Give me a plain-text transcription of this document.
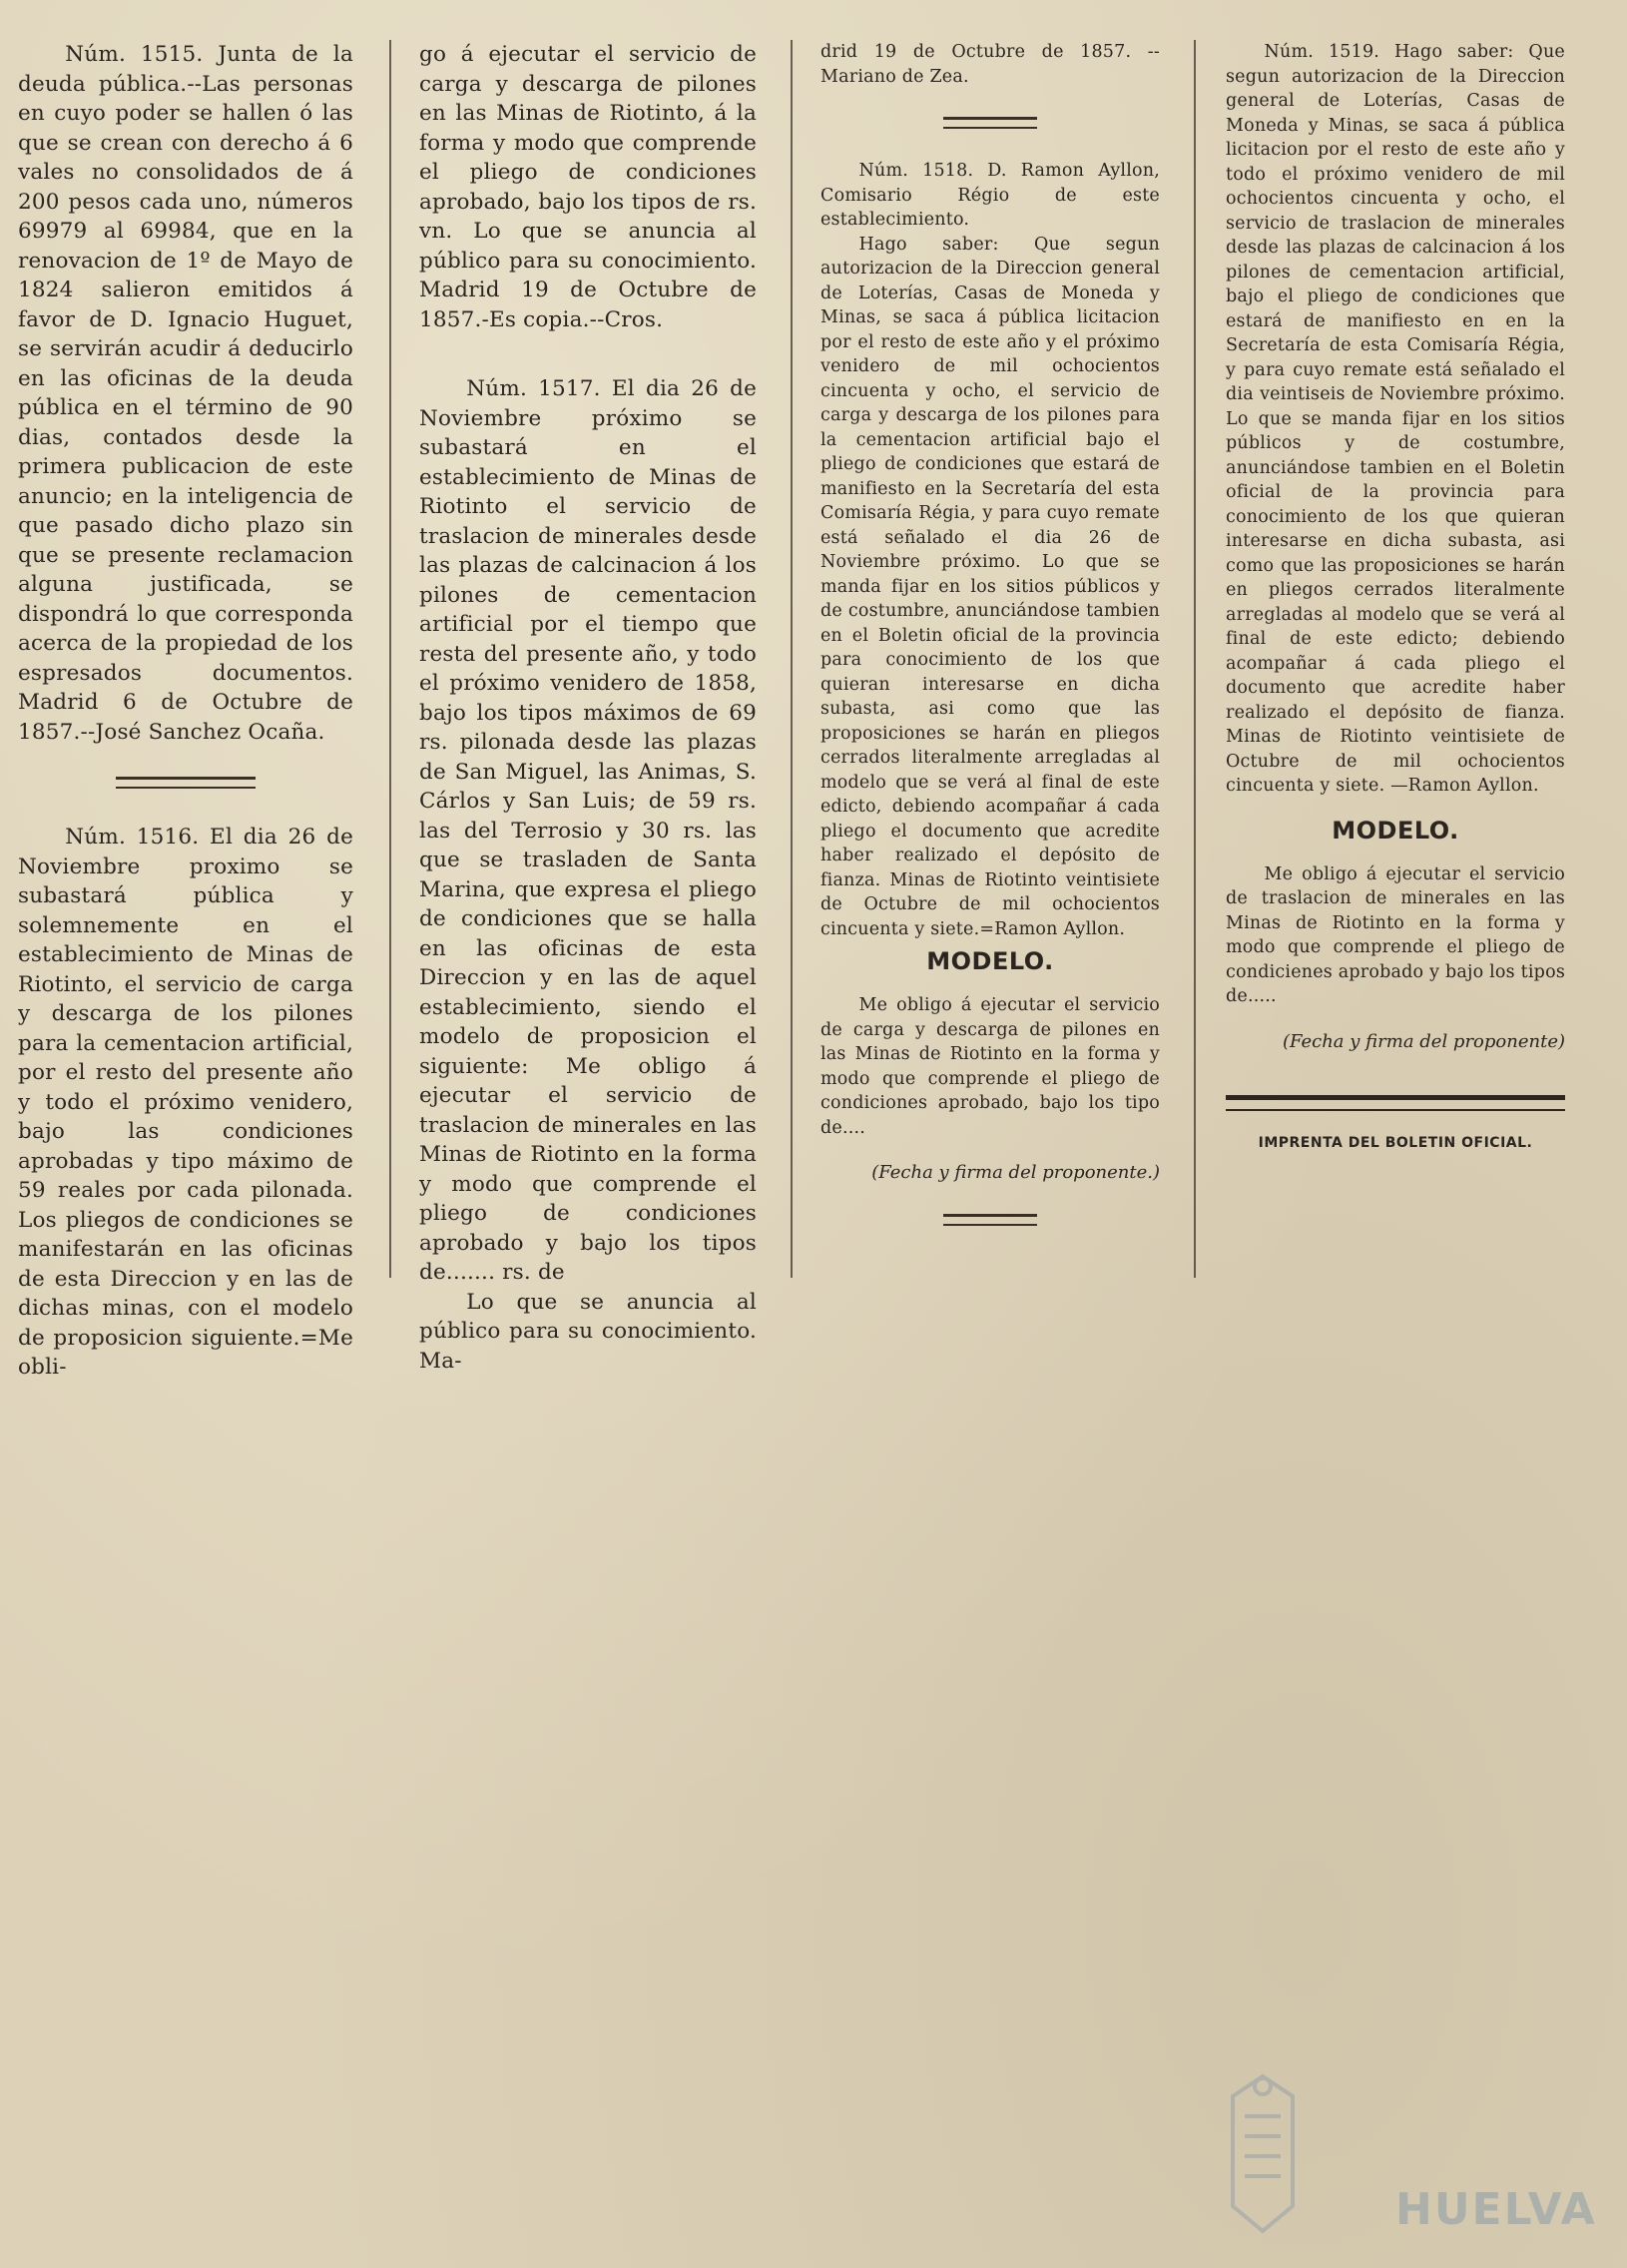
Núm. 1515. Junta de la deuda pública.--Las personas en cuyo poder se hallen ó las que se crean con derecho á 6 vales no consolidados de á 200 pesos cada uno, números 69979 al 69984, que en la renovacion de 1º de Mayo de 1824 salieron emitidos á favor de D. Ignacio Huguet, se servirán acudir á deducirlo en las oficinas de la deuda pública en el término de 90 dias, contados desde la primera publicacion de este anuncio; en la inteligencia de que pasado dicho plazo sin que se presente reclamacion alguna justificada, se dispondrá lo que corresponda acerca de la propiedad de los espresados documentos. Madrid 6 de Octubre de 1857.--José Sanchez Ocaña.

Núm. 1516. El dia 26 de Noviembre proximo se subastará pública y solemnemente en el establecimiento de Minas de Riotinto, el servicio de carga y descarga de los pilones para la cementacion artificial, por el resto del presente año y todo el próximo venidero, bajo las condiciones aprobadas y tipo máximo de 59 reales por cada pilonada. Los pliegos de condiciones se manifestarán en las oficinas de esta Direccion y en las de dichas minas, con el modelo de proposicion siguiente.=Me obli-

go á ejecutar el servicio de carga y descarga de pilones en las Minas de Riotinto, á la forma y modo que comprende el pliego de condiciones aprobado, bajo los tipos de rs. vn. Lo que se anuncia al público para su conocimiento. Madrid 19 de Octubre de 1857.-Es copia.--Cros.

Núm. 1517. El dia 26 de Noviembre próximo se subastará en el establecimiento de Minas de Riotinto el servicio de traslacion de minerales desde las plazas de calcinacion á los pilones de cementacion artificial por el tiempo que resta del presente año, y todo el próximo venidero de 1858, bajo los tipos máximos de 69 rs. pilonada desde las plazas de San Miguel, las Animas, S. Cárlos y San Luis; de 59 rs. las del Terrosio y 30 rs. las que se trasladen de Santa Marina, que expresa el pliego de condiciones que se halla en las oficinas de esta Direccion y en las de aquel establecimiento, siendo el modelo de proposicion el siguiente: Me obligo á ejecutar el servicio de traslacion de minerales en las Minas de Riotinto en la forma y modo que comprende el pliego de condiciones aprobado y bajo los tipos de....... rs. de

Lo que se anuncia al público para su conocimiento. Ma-

drid 19 de Octubre de 1857. --Mariano de Zea.

Núm. 1518. D. Ramon Ayllon, Comisario Régio de este establecimiento.

Hago saber: Que segun autorizacion de la Direccion general de Loterías, Casas de Moneda y Minas, se saca á pública licitacion por el resto de este año y el próximo venidero de mil ochocientos cincuenta y ocho, el servicio de carga y descarga de los pilones para la cementacion artificial bajo el pliego de condiciones que estará de manifiesto en la Secretaría del esta Comisaría Régia, y para cuyo remate está señalado el dia 26 de Noviembre próximo. Lo que se manda fijar en los sitios públicos y de costumbre, anunciándose tambien en el Boletin oficial de la provincia para conocimiento de los que quieran interesarse en dicha subasta, asi como que las proposiciones se harán en pliegos cerrados literalmente arregladas al modelo que se verá al final de este edicto, debiendo acompañar á cada pliego el documento que acredite haber realizado el depósito de fianza. Minas de Riotinto veintisiete de Octubre de mil ochocientos cincuenta y siete.=Ramon Ayllon.

MODELO.

Me obligo á ejecutar el servicio de carga y descarga de pilones en las Minas de Riotinto en la forma y modo que comprende el pliego de condiciones aprobado, bajo los tipo de....

(Fecha y firma del proponente.)

Núm. 1519. Hago saber: Que segun autorizacion de la Direccion general de Loterías, Casas de Moneda y Minas, se saca á pública licitacion por el resto de este año y todo el próximo venidero de mil ochocientos cincuenta y ocho, el servicio de traslacion de minerales desde las plazas de calcinacion á los pilones de cementacion artificial, bajo el pliego de condiciones que estará de manifiesto en en la Secretaría de esta Comisaría Régia, y para cuyo remate está señalado el dia veintiseis de Noviembre próximo. Lo que se manda fijar en los sitios públicos y de costumbre, anunciándose tambien en el Boletin oficial de la provincia para conocimiento de los que quieran interesarse en dicha subasta, asi como que las proposiciones se harán en pliegos cerrados literalmente arregladas al modelo que se verá al final de este edicto; debiendo acompañar á cada pliego el documento que acredite haber realizado el depósito de fianza. Minas de Riotinto veintisiete de Octubre de mil ochocientos cincuenta y siete. —Ramon Ayllon.

MODELO.

Me obligo á ejecutar el servicio de traslacion de minerales en las Minas de Riotinto en la forma y modo que comprende el pliego de condicienes aprobado y bajo los tipos de.....

(Fecha y firma del proponente)
IMPRENTA DEL BOLETIN OFICIAL.
HUELVA
